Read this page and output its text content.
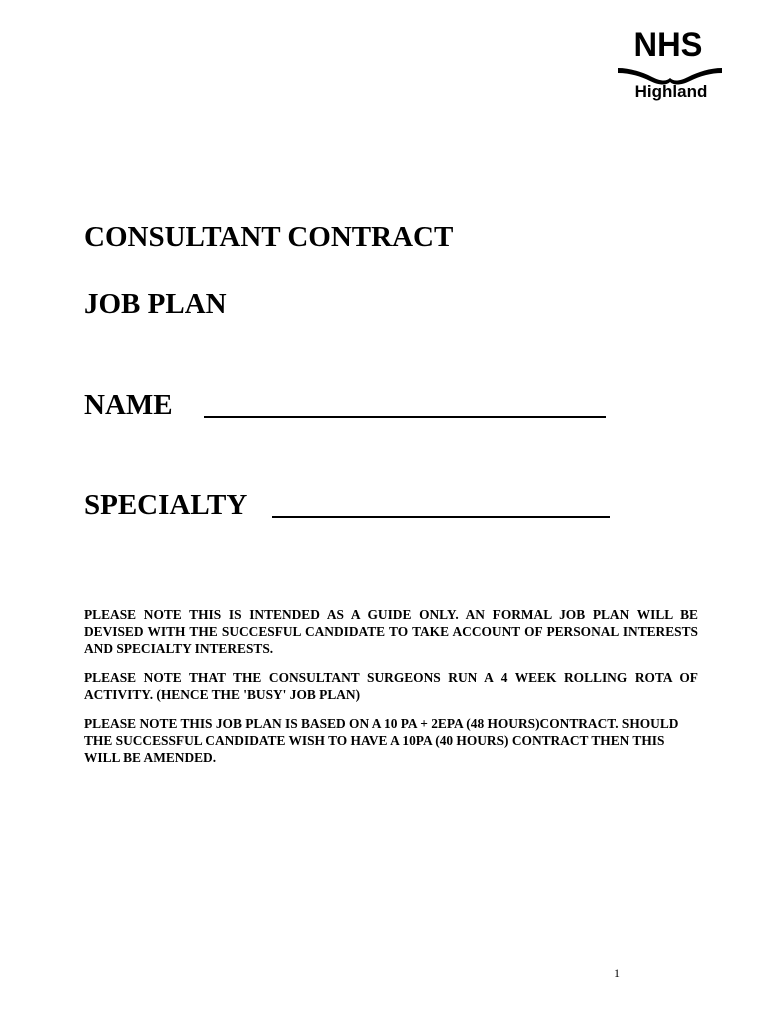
NHS
Highland
CONSULTANT CONTRACT
JOB PLAN
NAME
SPECIALTY

PLEASE NOTE THIS IS INTENDED AS A GUIDE ONLY. AN FORMAL JOB PLAN WILL BE DEVISED WITH THE SUCCESFUL CANDIDATE TO TAKE ACCOUNT OF PERSONAL INTERESTS AND SPECIALTY INTERESTS.

PLEASE NOTE THAT THE CONSULTANT SURGEONS RUN A 4 WEEK ROLLING ROTA OF ACTIVITY. (HENCE THE 'BUSY' JOB PLAN)

PLEASE NOTE THIS JOB PLAN IS BASED ON A 10 PA + 2EPA (48 HOURS)CONTRACT. SHOULD THE SUCCESSFUL CANDIDATE WISH TO HAVE A 10PA (40 HOURS) CONTRACT THEN THIS WILL BE AMENDED.

1
